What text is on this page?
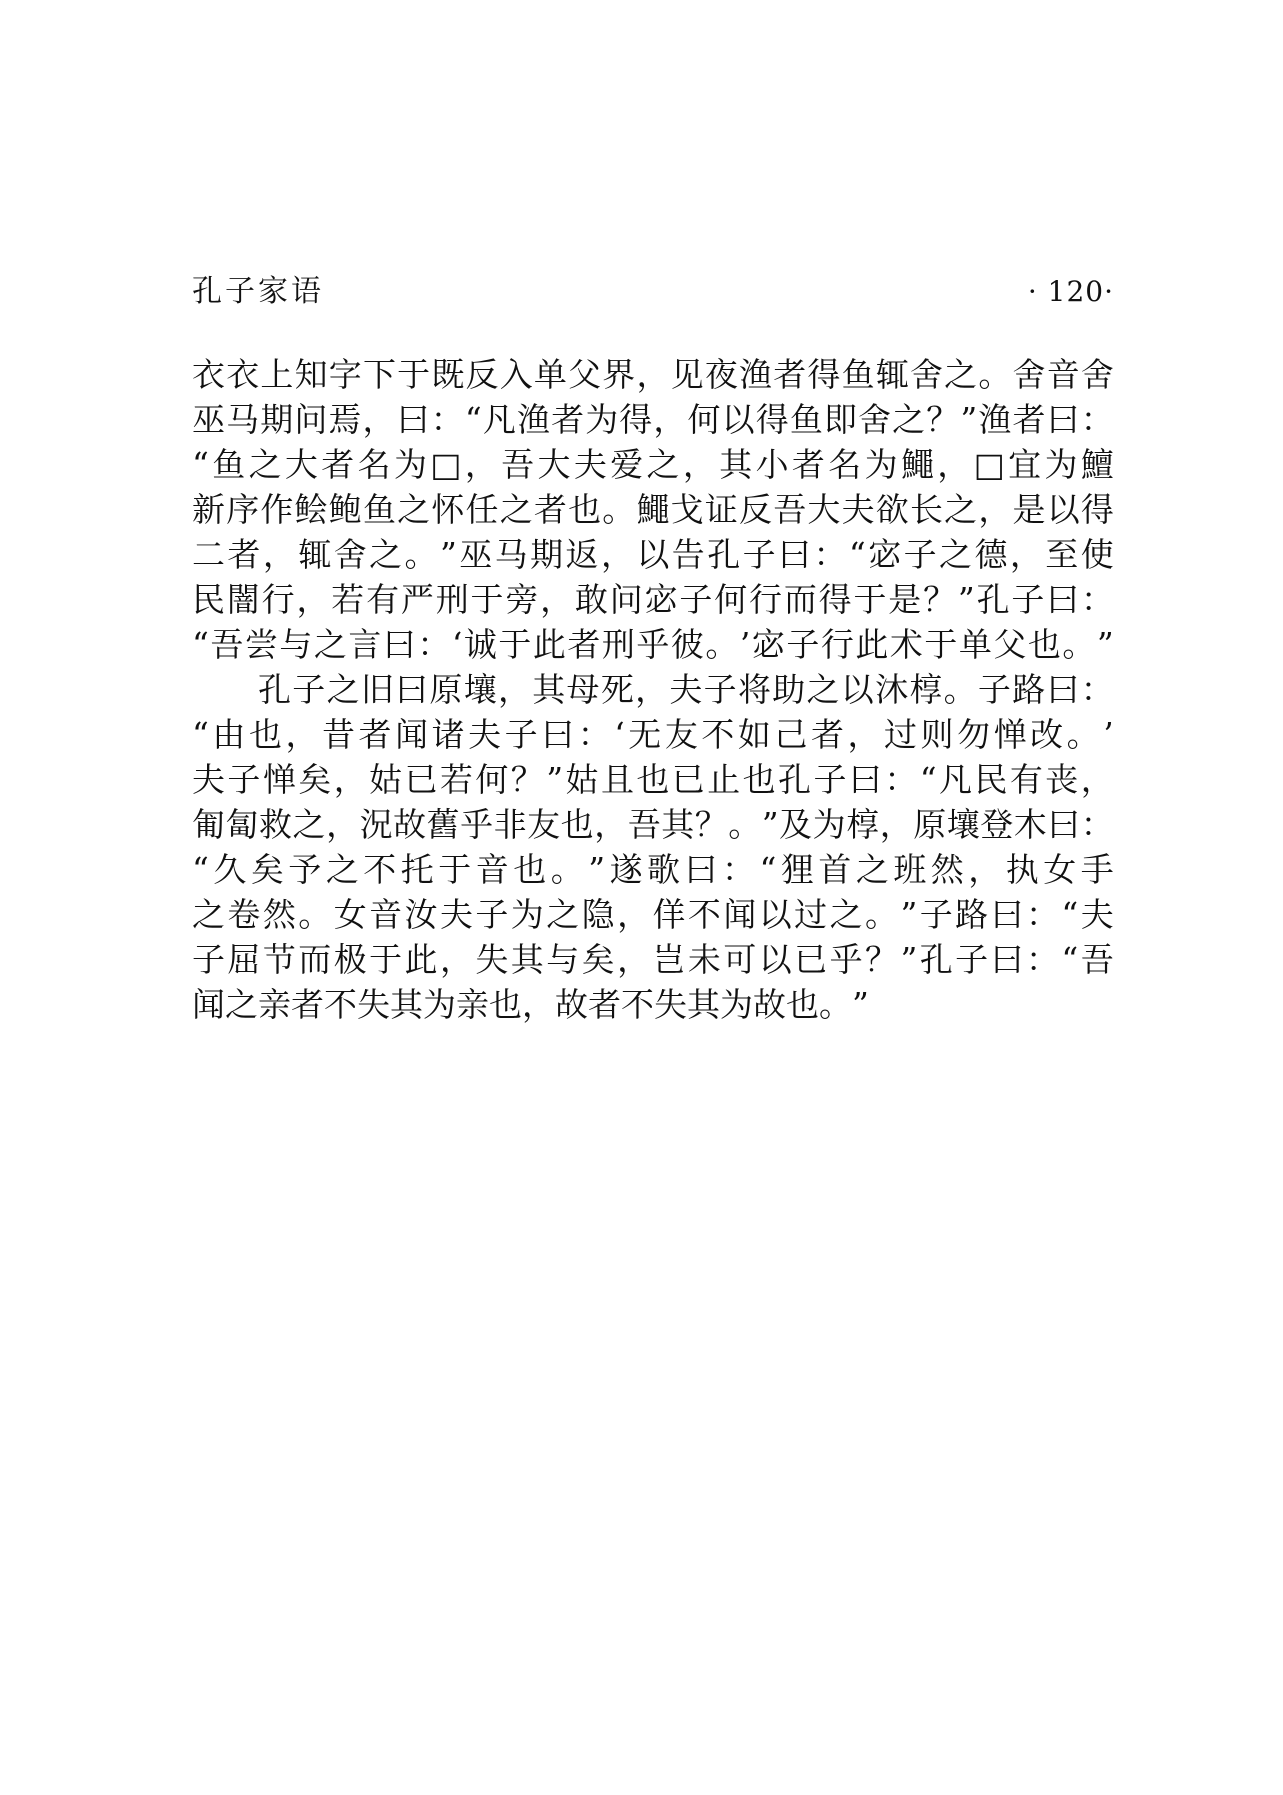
孔子家语	· 120·
衣 衣 上 知 字 下 于 既 反 入 单 父 界 ， 见 夜 渔 者 得 鱼 辄 舍 之 。 舍 音 舍
巫 马 期 问 焉 ， 曰 ： “ 凡 渔 者 为 得 ， 何 以 得 鱼 即 舍 之 ？ ” 渔 者 曰 ：
“ 鱼 之 大 者 名 为 □ ， 吾 大 夫 爱 之 ， 其 小 者 名 为 鱦 ， □ 宜 为 鱣
新 序 作 鲙 鲍 鱼 之 怀 任 之 者 也 。 鱦 戈 证 反 吾 大 夫 欲 长 之 ， 是 以 得
二 者 ， 辄 舍 之 。 ” 巫 马 期 返 ， 以 告 孔 子 曰 ： “ 宓 子 之 德 ， 至 使
民 闇 行 ， 若 有 严 刑 于 旁 ， 敢 问 宓 子 何 行 而 得 于 是 ？ ” 孔 子 曰 ：
“ 吾 尝 与 之 言 曰 ： ‘ 诚 于 此 者 刑 乎 彼 。 ’ 宓 子 行 此 术 于 单 父 也 。 ”
孔 子 之 旧 曰 原 壤 ， 其 母 死 ， 夫 子 将 助 之 以 沐 椁 。 子 路 曰 ：
“ 由 也 ， 昔 者 闻 诸 夫 子 曰 ： ‘ 无 友 不 如 己 者 ， 过 则 勿 惮 改 。 ’
夫 子 惮 矣 ， 姑 已 若 何 ？ ” 姑 且 也 已 止 也 孔 子 曰 ： “ 凡 民 有 丧 ，
匍 匐 救 之 ， 況 故 舊 乎 非 友 也 ， 吾 其 ？ 。 ” 及 为 椁 ， 原 壤 登 木 曰 ：
“ 久 矣 予 之 不 托 于 音 也 。 ” 遂 歌 曰 ： “ 狸 首 之 班 然 ， 执 女 手
之 卷 然 。 女 音 汝 夫 子 为 之 隐 ， 佯 不 闻 以 过 之 。 ” 子 路 曰 ： “ 夫
子 屈 节 而 极 于 此 ， 失 其 与 矣 ， 岂 未 可 以 已 乎 ？ ” 孔 子 曰 ： “ 吾
闻 之 亲 者 不 失 其 为 亲 也 ， 故 者 不 失 其 为 故 也 。 ”
